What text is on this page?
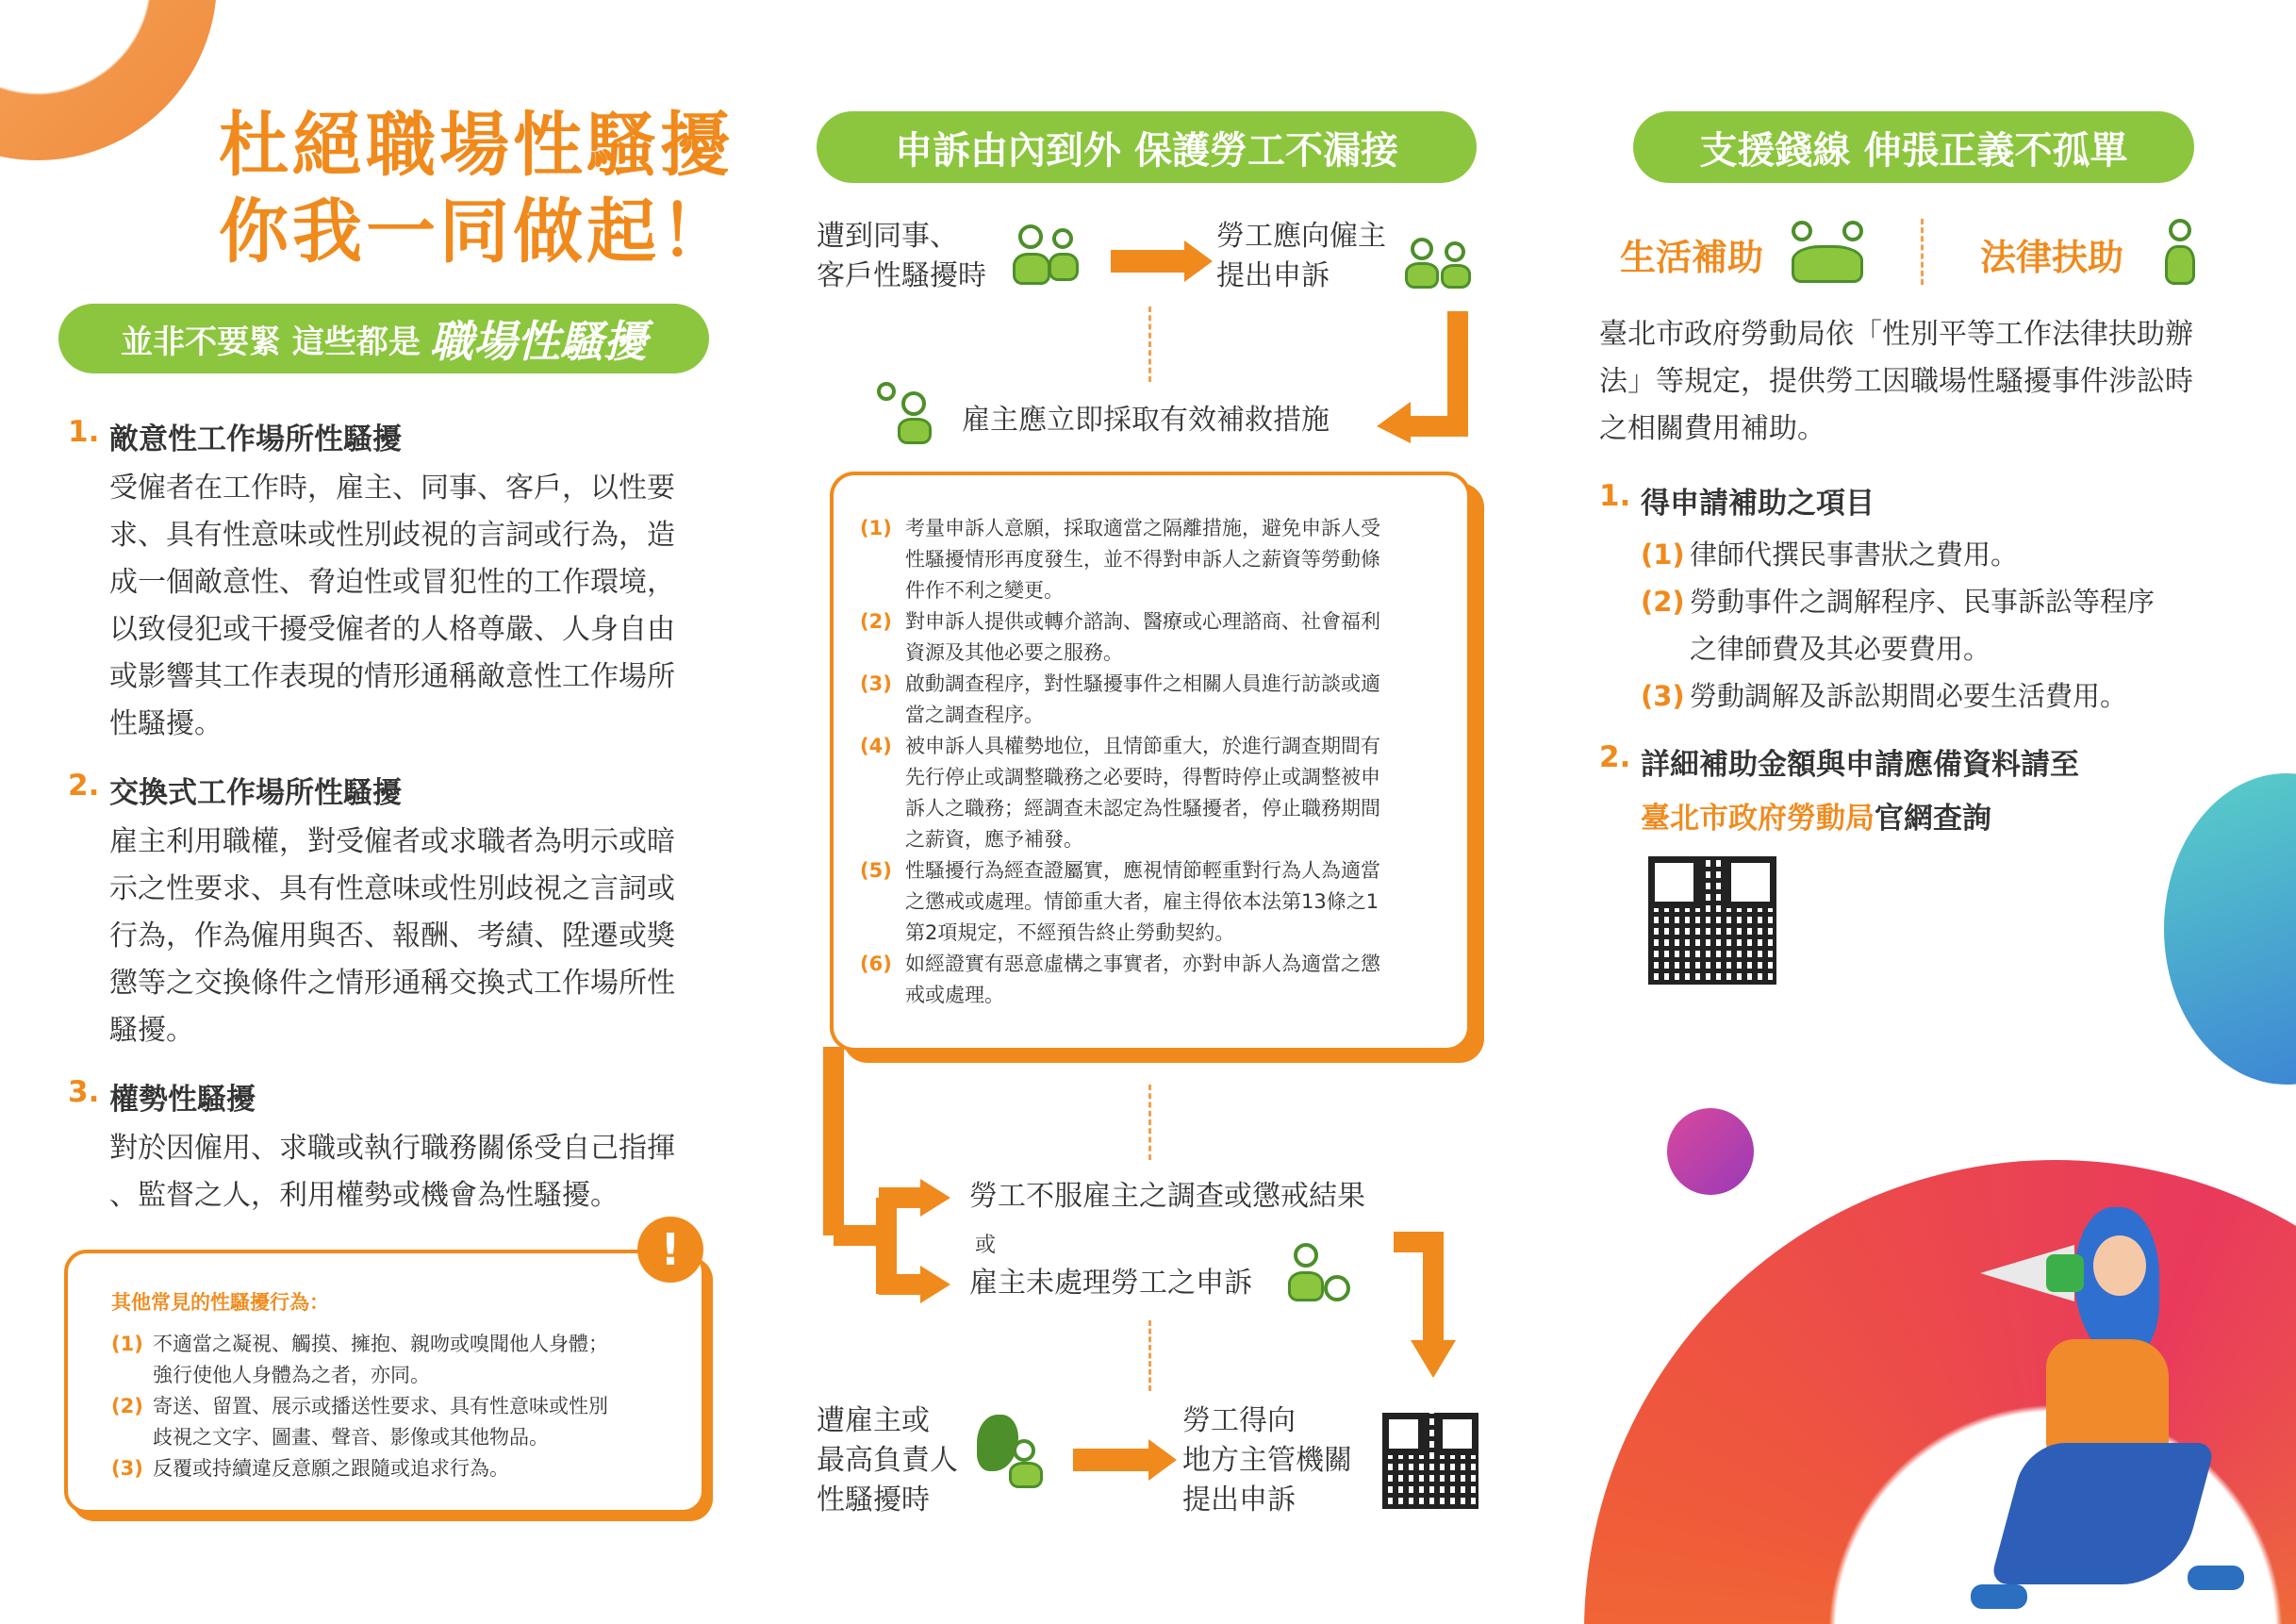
杜絕職場性騷擾
你我一同做起！
並非不要緊 這些都是 職場性騷擾
1. 敵意性工作場所性騷擾
受僱者在工作時，雇主、同事、客戶，以性要
求、具有性意味或性別歧視的言詞或行為，造
成一個敵意性、脅迫性或冒犯性的工作環境，
以致侵犯或干擾受僱者的人格尊嚴、人身自由
或影響其工作表現的情形通稱敵意性工作場所
性騷擾。
2. 交換式工作場所性騷擾
雇主利用職權，對受僱者或求職者為明示或暗
示之性要求、具有性意味或性別歧視之言詞或
行為，作為僱用與否、報酬、考績、陞遷或獎
懲等之交換條件之情形通稱交換式工作場所性
騷擾。
3. 權勢性騷擾
對於因僱用、求職或執行職務關係受自己指揮
、監督之人，利用權勢或機會為性騷擾。
其他常見的性騷擾行為：
(1) 不適當之凝視、觸摸、擁抱、親吻或嗅聞他人身體；
強行使他人身體為之者，亦同。
(2) 寄送、留置、展示或播送性要求、具有性意味或性別
歧視之文字、圖畫、聲音、影像或其他物品。
(3) 反覆或持續違反意願之跟隨或追求行為。
!
申訴由內到外 保護勞工不漏接
遭到同事、
客戶性騷擾時
勞工應向僱主
提出申訴
雇主應立即採取有效補救措施
(1) 考量申訴人意願，採取適當之隔離措施，避免申訴人受
性騷擾情形再度發生，並不得對申訴人之薪資等勞動條
件作不利之變更。
(2) 對申訴人提供或轉介諮詢、醫療或心理諮商、社會福利
資源及其他必要之服務。
(3) 啟動調查程序，對性騷擾事件之相關人員進行訪談或適
當之調查程序。
(4) 被申訴人具權勢地位，且情節重大，於進行調查期間有
先行停止或調整職務之必要時，得暫時停止或調整被申
訴人之職務；經調查未認定為性騷擾者，停止職務期間
之薪資，應予補發。
(5) 性騷擾行為經查證屬實，應視情節輕重對行為人為適當
之懲戒或處理。情節重大者，雇主得依本法第13條之1
第2項規定，不經預告終止勞動契約。
(6) 如經證實有惡意虛構之事實者，亦對申訴人為適當之懲
戒或處理。
勞工不服雇主之調查或懲戒結果
或
雇主未處理勞工之申訴
遭雇主或
最高負責人
性騷擾時
勞工得向
地方主管機關
提出申訴
支援錢線 伸張正義不孤單
生活補助	法律扶助
臺北市政府勞動局依「性別平等工作法律扶助辦
法」等規定，提供勞工因職場性騷擾事件涉訟時
之相關費用補助。
1. 得申請補助之項目
(1) 律師代撰民事書狀之費用。
(2) 勞動事件之調解程序、民事訴訟等程序
之律師費及其必要費用。
(3) 勞動調解及訴訟期間必要生活費用。
2. 詳細補助金額與申請應備資料請至
臺北市政府勞動局官網查詢
